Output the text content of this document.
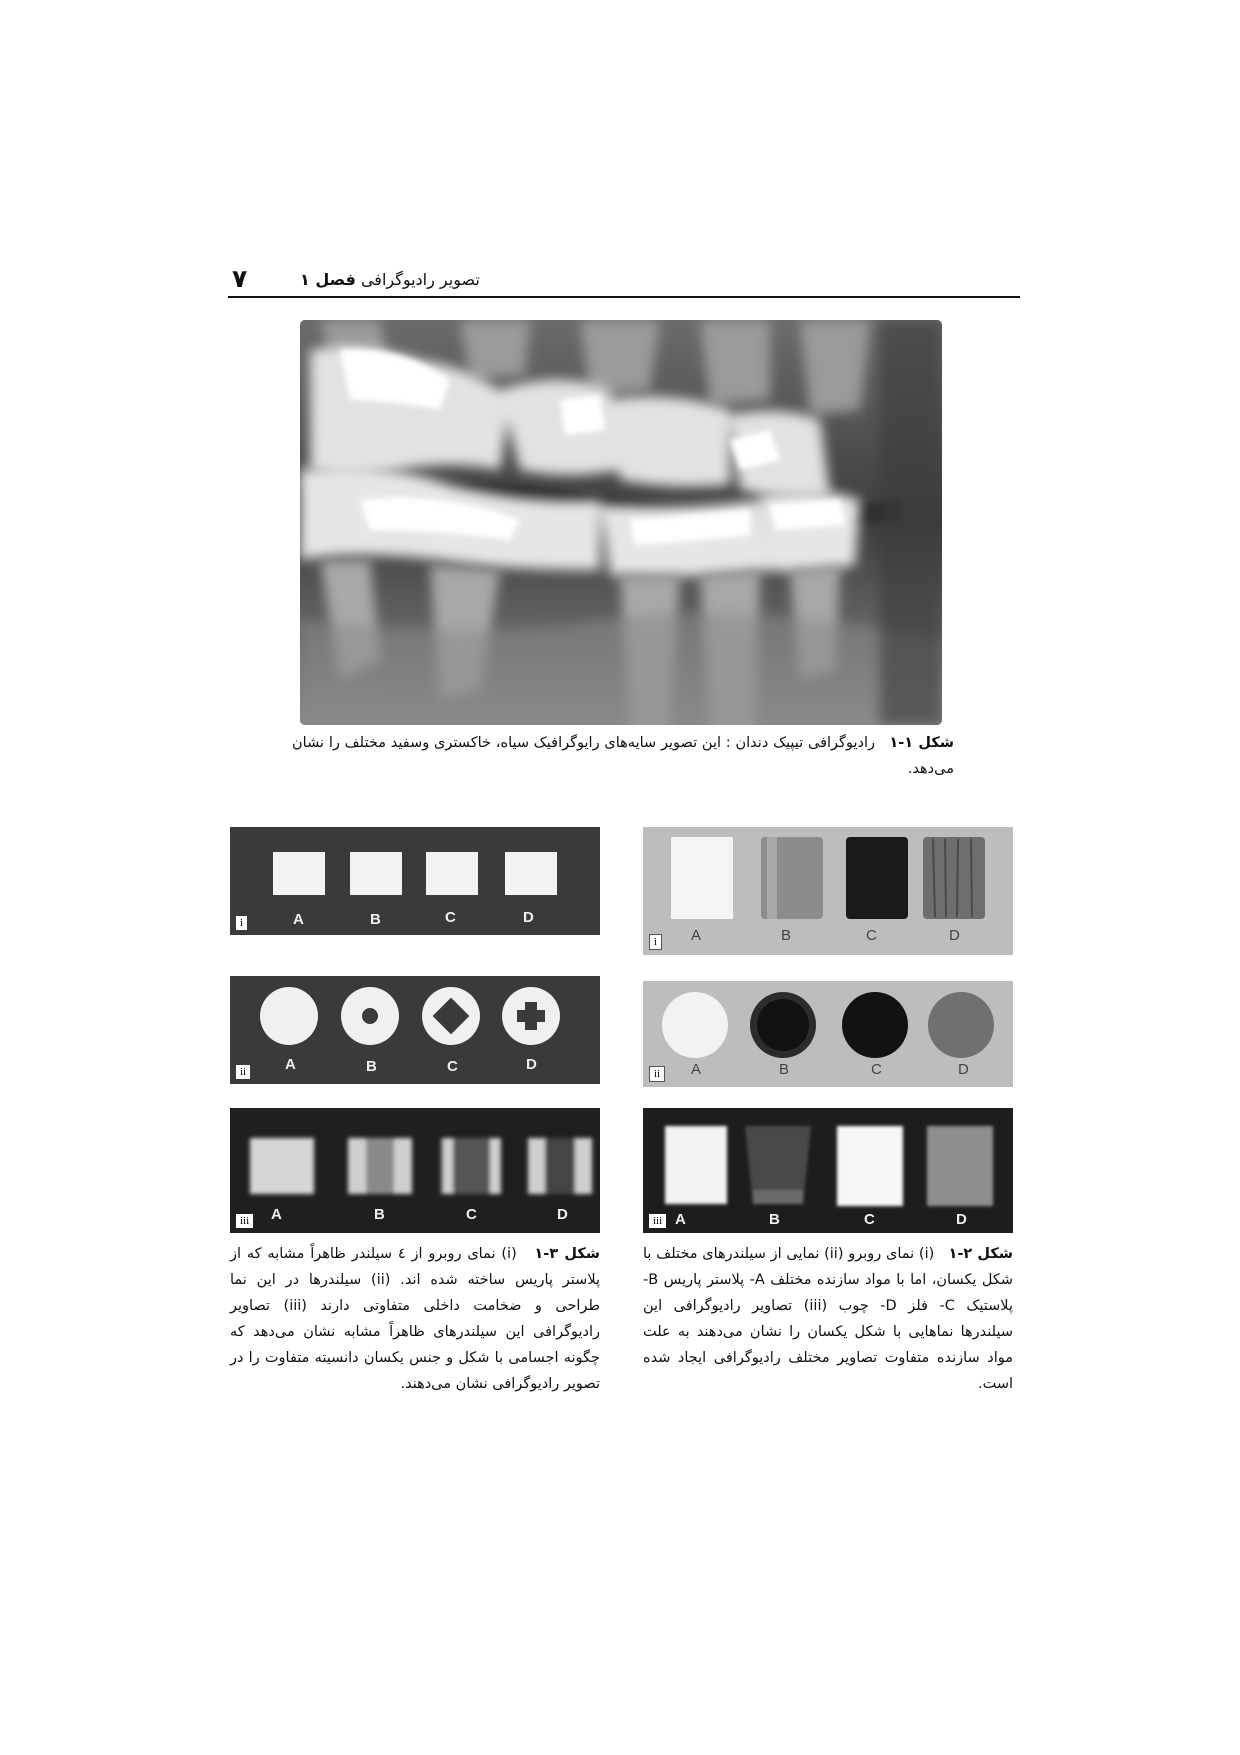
۷	تصویر رادیوگرافی فصل ۱
شکل ۱-۱   رادیوگرافی تیپیک دندان : این تصویر سایه‌های رایوگرافیک سیاه، خاکستری وسفید مختلف را نشان می‌دهد.
A	B	C	D
i
A	B	C	D
ii
A	B	C	D
iii
شکل ۳-۱   (i) نمای روبرو از ٤ سیلندر ظاهراً مشابه که از پلاستر پاریس ساخته شده اند. (ii) سیلندرها در این نما طراحی و ضخامت داخلی متفاوتی دارند (iii) تصاویر رادیوگرافی این سیلندرهای ظاهراً مشابه نشان می‌دهد که چگونه اجسامی با شکل و جنس یکسان دانسیته متفاوت را در تصویر رادیوگرافی نشان می‌دهند.
A	B	C	D
i
A	B	C	D
ii
A	B	C	D
iii
شکل ۲-۱   (i) نمای روبرو (ii) نمایی از سیلندرهای مختلف با شکل یکسان، اما با مواد سازنده مختلف A- پلاستر پاریس B- پلاستیک C- فلز D- چوب (iii) تصاویر رادیوگرافی این سیلندرها نماهایی با شکل یکسان را نشان می‌دهند به علت مواد سازنده متفاوت تصاویر مختلف رادیوگرافی ایجاد شده است.
